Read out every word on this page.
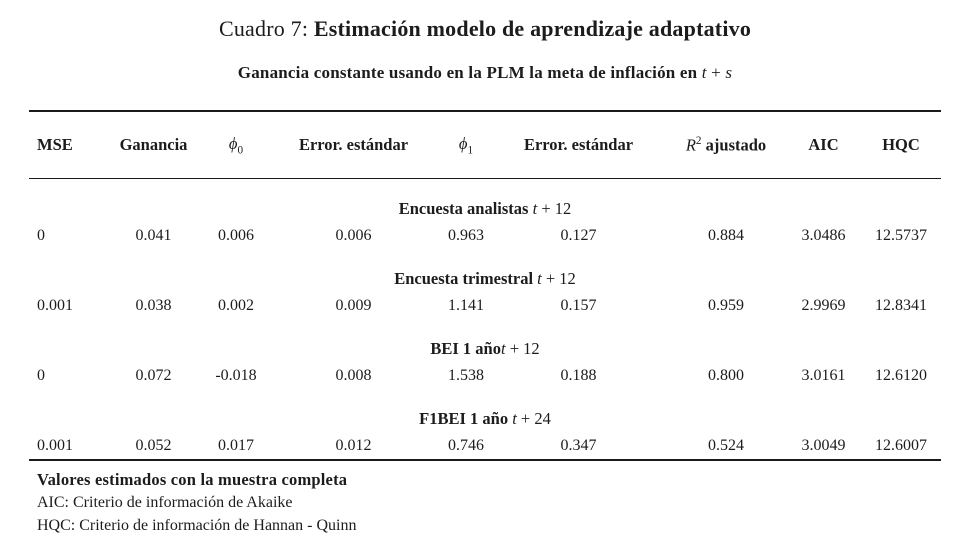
Cuadro 7: Estimación modelo de aprendizaje adaptativo
Ganancia constante usando en la PLM la meta de inflación en t + s
MSE	Ganancia	$\phi_0$	Error. estándar	$\phi_1$	Error. estándar	$R^2$ ajustado	AIC	HQC
Encuesta analistas t + 12
0	0.041	0.006	0.006	0.963	0.127	0.884	3.0486	12.5737
Encuesta trimestral t + 12
0.001	0.038	0.002	0.009	1.141	0.157	0.959	2.9969	12.8341
BEI 1 añot + 12
0	0.072	-0.018	0.008	1.538	0.188	0.800	3.0161	12.6120
F1BEI 1 año t + 24
0.001	0.052	0.017	0.012	0.746	0.347	0.524	3.0049	12.6007
Valores estimados con la muestra completa
AIC: Criterio de información de Akaike
HQC: Criterio de información de Hannan - Quinn
